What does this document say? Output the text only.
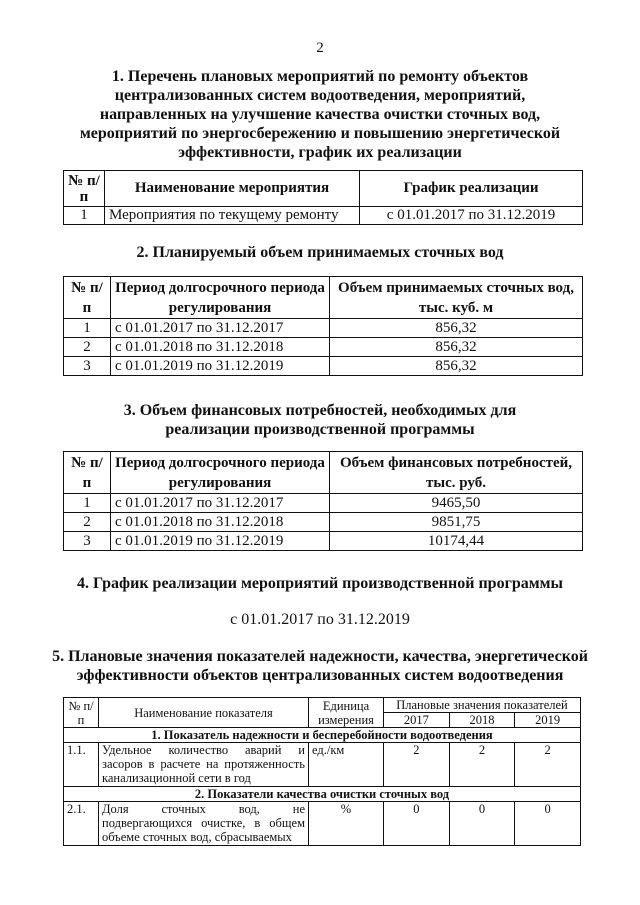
2
1. Перечень плановых мероприятий по ремонту объектов
централизованных систем водоотведения, мероприятий,
направленных на улучшение качества очистки сточных вод,
мероприятий по энергосбережению и повышению энергетической
эффективности, график их реализации
№ п/п	Наименование мероприятия	График реализации
1	Мероприятия по текущему ремонту	с 01.01.2017 по 31.12.2019
2. Планируемый объем принимаемых сточных вод
№ п/п	Период долгосрочного периода регулирования	Объем принимаемых сточных вод, тыс. куб. м
1	с 01.01.2017 по 31.12.2017	856,32
2	с 01.01.2018 по 31.12.2018	856,32
3	с 01.01.2019 по 31.12.2019	856,32
3. Объем финансовых потребностей, необходимых для
реализации производственной программы
№ п/п	Период долгосрочного периода регулирования	Объем финансовых потребностей, тыс. руб.
1	с 01.01.2017 по 31.12.2017	9465,50
2	с 01.01.2018 по 31.12.2018	9851,75
3	с 01.01.2019 по 31.12.2019	10174,44
4. График реализации мероприятий производственной программы
с 01.01.2017 по 31.12.2019
5. Плановые значения показателей надежности, качества, энергетической
эффективности объектов централизованных систем водоотведения
№ п/п	Наименование показателя	Единица измерения	Плановые значения показателей		
			2017	2018	2019
1. Показатель надежности и бесперебойности водоотведения					
1.1.	Удельное количество аварий и засоров в расчете на протяженность канализационной сети в год	ед./км	2	2	2
2. Показатели качества очистки сточных вод					
2.1.	Доля сточных вод, не подвергающихся очистке, в общем объеме сточных вод, сбрасываемых	%	0	0	0
